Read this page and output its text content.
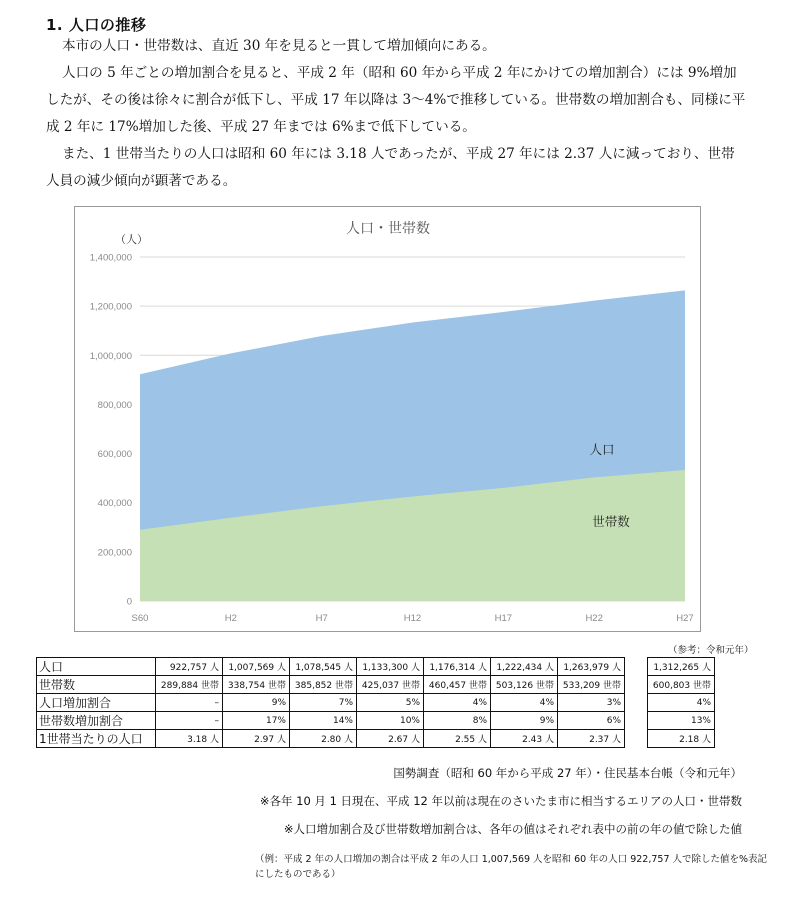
1. 人口の推移
本市の人口・世帯数は、直近 30 年を見ると一貫して増加傾向にある。
人口の 5 年ごとの増加割合を見ると、平成 2 年（昭和 60 年から平成 2 年にかけての増加割合）には 9%増加したが、その後は徐々に割合が低下し、平成 17 年以降は 3～4%で推移している。世帯数の増加割合も、同様に平成 2 年に 17%増加した後、平成 27 年までは 6%まで低下している。
また、1 世帯当たりの人口は昭和 60 年には 3.18 人であったが、平成 27 年には 2.37 人に減っており、世帯人員の減少傾向が顕著である。
人口・世帯数
（人）
0
200,000
400,000
600,000
800,000
1,000,000
1,200,000
1,400,000
S60	H2	H7	H12	H17	H22	H27
人口
世帯数
（参考：令和元年）
人口	922,757 人	1,007,569 人	1,078,545 人	1,133,300 人	1,176,314 人	1,222,434 人	1,263,979 人		1,312,265 人
世帯数	289,884 世帯	338,754 世帯	385,852 世帯	425,037 世帯	460,457 世帯	503,126 世帯	533,209 世帯		600,803 世帯
人口増加割合	–	9%	7%	5%	4%	4%	3%		4%
世帯数増加割合	–	17%	14%	10%	8%	9%	6%		13%
1世帯当たりの人口	3.18 人	2.97 人	2.80 人	2.67 人	2.55 人	2.43 人	2.37 人		2.18 人
国勢調査（昭和 60 年から平成 27 年）・住民基本台帳（令和元年）
※各年 10 月 1 日現在、平成 12 年以前は現在のさいたま市に相当するエリアの人口・世帯数
※人口増加割合及び世帯数増加割合は、各年の値はそれぞれ表中の前の年の値で除した値
（例：平成 2 年の人口増加の割合は平成 2 年の人口 1,007,569 人を昭和 60 年の人口 922,757 人で除した値を%表記にしたものである）
